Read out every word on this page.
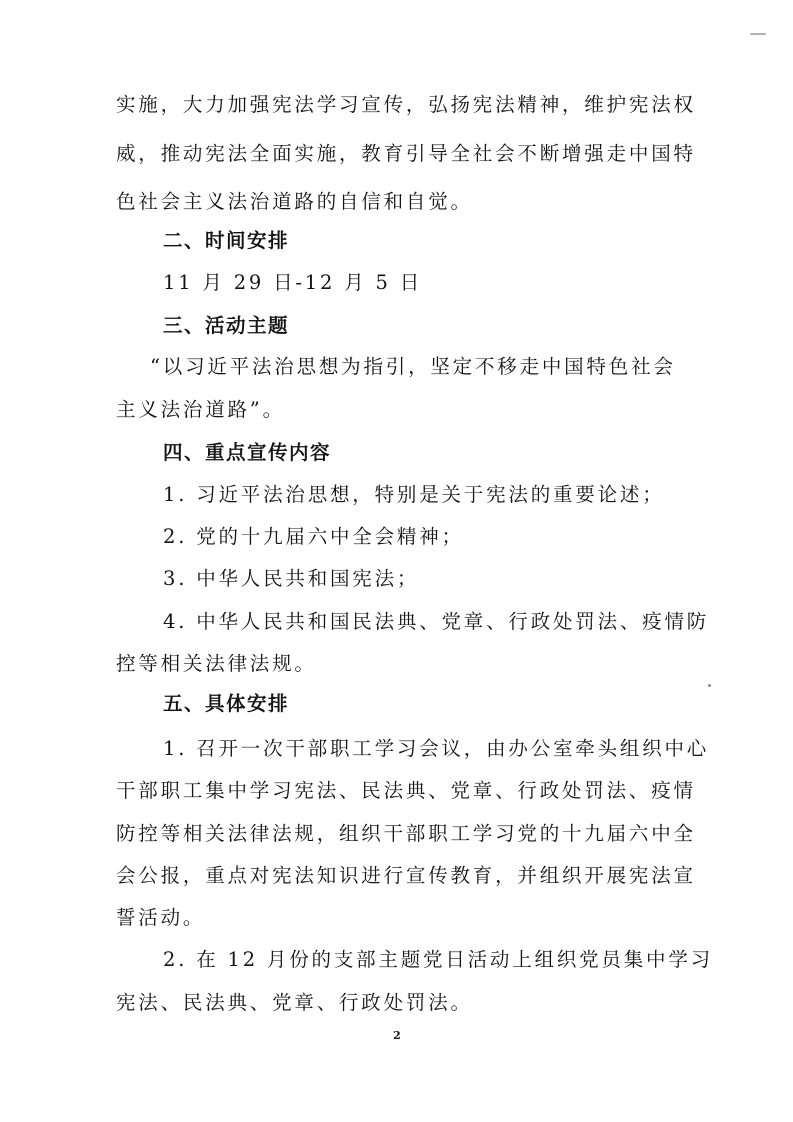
实施，大力加强宪法学习宣传，弘扬宪法精神，维护宪法权
威，推动宪法全面实施，教育引导全社会不断增强走中国特
色社会主义法治道路的自信和自觉。
二、时间安排
11 月 29 日-12 月 5 日
三、活动主题
“以习近平法治思想为指引，坚定不移走中国特色社会
主义法治道路”。
四、重点宣传内容
1. 习近平法治思想，特别是关于宪法的重要论述；
2. 党的十九届六中全会精神；
3. 中华人民共和国宪法；
4. 中华人民共和国民法典、党章、行政处罚法、疫情防
控等相关法律法规。
五、具体安排
1. 召开一次干部职工学习会议，由办公室牵头组织中心
干部职工集中学习宪法、民法典、党章、行政处罚法、疫情
防控等相关法律法规，组织干部职工学习党的十九届六中全
会公报，重点对宪法知识进行宣传教育，并组织开展宪法宣
誓活动。
2. 在 12 月份的支部主题党日活动上组织党员集中学习
宪法、民法典、党章、行政处罚法。
2
